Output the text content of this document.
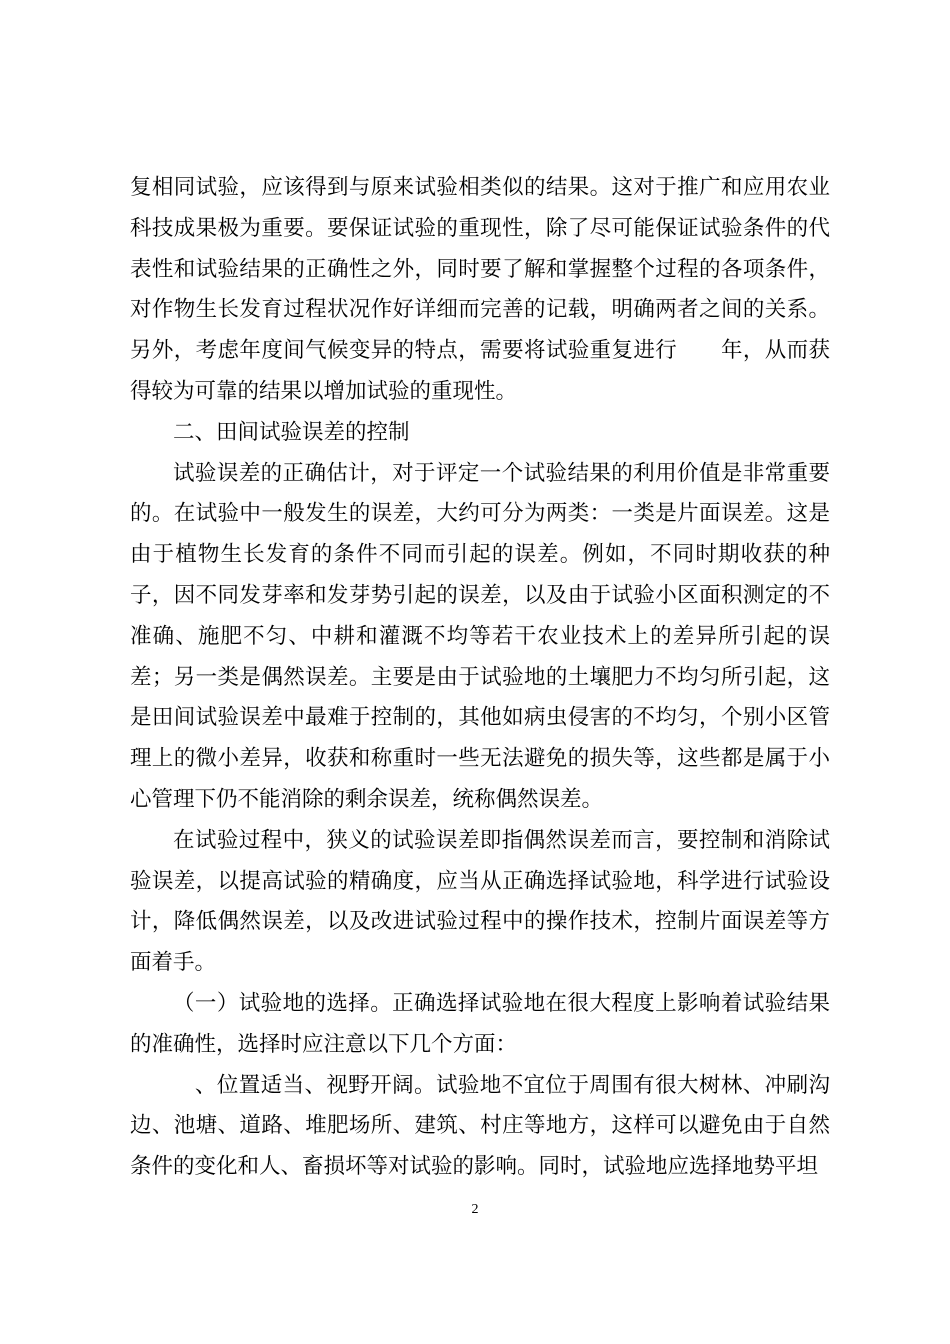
复相同试验，应该得到与原来试验相类似的结果。这对于推广和应用农业科技成果极为重要。要保证试验的重现性，除了尽可能保证试验条件的代表性和试验结果的正确性之外，同时要了解和掌握整个过程的各项条件，对作物生长发育过程状况作好详细而完善的记载，明确两者之间的关系。另外，考虑年度间气候变异的特点，需要将试验重复进行　　年，从而获得较为可靠的结果以增加试验的重现性。

二、田间试验误差的控制

试验误差的正确估计，对于评定一个试验结果的利用价值是非常重要的。在试验中一般发生的误差，大约可分为两类：一类是片面误差。这是由于植物生长发育的条件不同而引起的误差。例如，不同时期收获的种子，因不同发芽率和发芽势引起的误差，以及由于试验小区面积测定的不准确、施肥不匀、中耕和灌溉不均等若干农业技术上的差异所引起的误差；另一类是偶然误差。主要是由于试验地的土壤肥力不均匀所引起，这是田间试验误差中最难于控制的，其他如病虫侵害的不均匀，个别小区管理上的微小差异，收获和称重时一些无法避免的损失等，这些都是属于小心管理下仍不能消除的剩余误差，统称偶然误差。

在试验过程中，狭义的试验误差即指偶然误差而言，要控制和消除试验误差，以提高试验的精确度，应当从正确选择试验地，科学进行试验设计，降低偶然误差，以及改进试验过程中的操作技术，控制片面误差等方面着手。

（一）试验地的选择。正确选择试验地在很大程度上影响着试验结果的准确性，选择时应注意以下几个方面：

　、位置适当、视野开阔。试验地不宜位于周围有很大树林、冲刷沟边、池塘、道路、堆肥场所、建筑、村庄等地方，这样可以避免由于自然条件的变化和人、畜损坏等对试验的影响。同时，试验地应选择地势平坦

2
